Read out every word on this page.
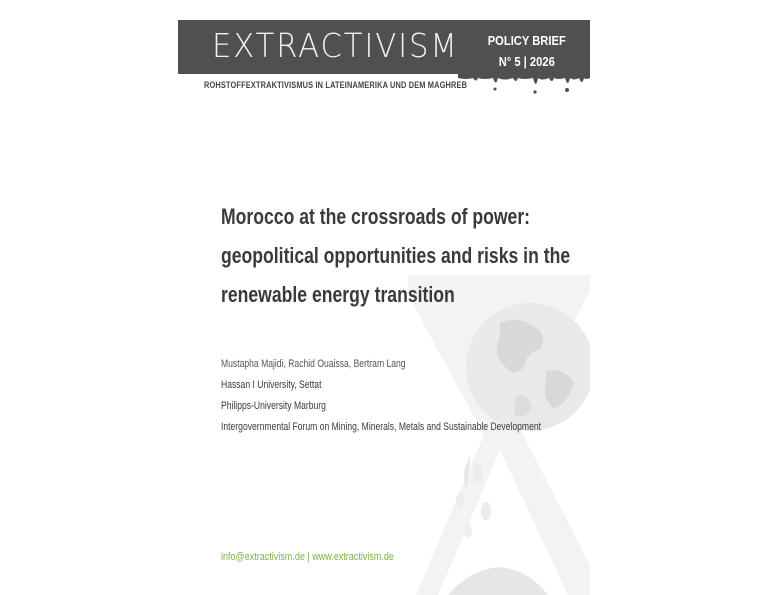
EXTRACTIVISM POLICY BRIEF
N° 5 | 2026
ROHSTOFFEXTRAKTIVISMUS IN LATEINAMERIKA UND DEM MAGHREB
Morocco at the crossroads of power:
geopolitical opportunities and risks in the
renewable energy transition
Mustapha Majidi, Rachid Ouaissa, Bertram Lang
Hassan I University, Settat
Philipps-University Marburg
Intergovernmental Forum on Mining, Minerals, Metals and Sustainable Development
info@extractivism.de | www.extractivism.de
